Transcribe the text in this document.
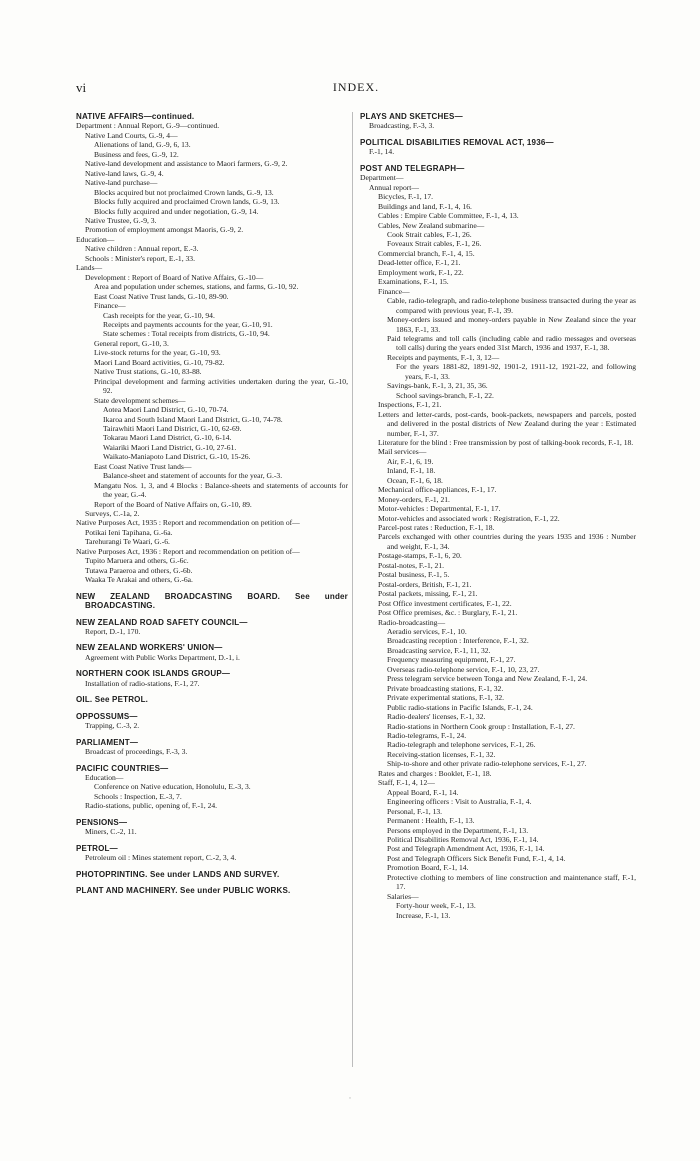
vi	INDEX.
NATIVE AFFAIRS—continued.
Department : Annual Report, G.-9—continued.
Native Land Courts, G.-9, 4—
Alienations of land, G.-9, 6, 13.
Business and fees, G.-9, 12.
Native-land development and assistance to Maori farmers, G.-9, 2.
Native-land laws, G.-9, 4.
Native-land purchase—
Blocks acquired but not proclaimed Crown lands, G.-9, 13.
Blocks fully acquired and proclaimed Crown lands, G.-9, 13.
Blocks fully acquired and under negotiation, G.-9, 14.
Native Trustee, G.-9, 3.
Promotion of employment amongst Maoris, G.-9, 2.
Education—
Native children : Annual report, E.-3.
Schools : Minister's report, E.-1, 33.
Lands—
Development : Report of Board of Native Affairs, G.-10—
Area and population under schemes, stations, and farms, G.-10, 92.
East Coast Native Trust lands, G.-10, 89-90.
Finance—
Cash receipts for the year, G.-10, 94.
Receipts and payments accounts for the year, G.-10, 91.
State schemes : Total receipts from districts, G.-10, 94.
General report, G.-10, 3.
Live-stock returns for the year, G.-10, 93.
Maori Land Board activities, G.-10, 79-82.
Native Trust stations, G.-10, 83-88.
Principal development and farming activities undertaken during the year, G.-10, 92.
State development schemes—
Aotea Maori Land District, G.-10, 70-74.
Ikaroa and South Island Maori Land District, G.-10, 74-78.
Tairawhiti Maori Land District, G.-10, 62-69.
Tokarau Maori Land District, G.-10, 6-14.
Waiariki Maori Land District, G.-10, 27-61.
Waikato-Maniapoto Land District, G.-10, 15-26.
East Coast Native Trust lands—
Balance-sheet and statement of accounts for the year, G.-3.
Mangatu Nos. 1, 3, and 4 Blocks : Balance-sheets and statements of accounts for the year, G.-4.
Report of the Board of Native Affairs on, G.-10, 89.
Surveys, C.-1a, 2.
Native Purposes Act, 1935 : Report and recommendation on petition of—
Potikai Ieni Tapihana, G.-6a.
Tarehurangi Te Waari, G.-6.
Native Purposes Act, 1936 : Report and recommendation on petition of—
Tupito Maruera and others, G.-6c.
Tutawa Paraeroa and others, G.-6b.
Waaka Te Arakai and others, G.-6a.
NEW ZEALAND BROADCASTING BOARD. See under BROADCASTING.
NEW ZEALAND ROAD SAFETY COUNCIL—
Report, D.-1, 170.
NEW ZEALAND WORKERS' UNION—
Agreement with Public Works Department, D.-1, i.
NORTHERN COOK ISLANDS GROUP—
Installation of radio-stations, F.-1, 27.
OIL. See PETROL.
OPPOSSUMS—
Trapping, C.-3, 2.
PARLIAMENT—
Broadcast of proceedings, F.-3, 3.
PACIFIC COUNTRIES—
Education—
Conference on Native education, Honolulu, E.-3, 3.
Schools : Inspection, E.-3, 7.
Radio-stations, public, opening of, F.-1, 24.
PENSIONS—
Miners, C.-2, 11.
PETROL—
Petroleum oil : Mines statement report, C.-2, 3, 4.
PHOTOPRINTING. See under LANDS AND SURVEY.
PLANT AND MACHINERY. See under PUBLIC WORKS.
PLAYS AND SKETCHES—
Broadcasting, F.-3, 3.
POLITICAL DISABILITIES REMOVAL ACT, 1936—
F.-1, 14.
POST AND TELEGRAPH—
Department—
Annual report—
Bicycles, F.-1, 17.
Buildings and land, F.-1, 4, 16.
Cables : Empire Cable Committee, F.-1, 4, 13.
Cables, New Zealand submarine—
Cook Strait cables, F.-1, 26.
Foveaux Strait cables, F.-1, 26.
Commercial branch, F.-1, 4, 15.
Dead-letter office, F.-1, 21.
Employment work, F.-1, 22.
Examinations, F.-1, 15.
Finance—
Cable, radio-telegraph, and radio-telephone business transacted during the year as compared with previous year, F.-1, 39.
Money-orders issued and money-orders payable in New Zealand since the year 1863, F.-1, 33.
Paid telegrams and toll calls (including cable and radio messages and overseas toll calls) during the years ended 31st March, 1936 and 1937, F.-1, 38.
Receipts and payments, F.-1, 3, 12—
For the years 1881-82, 1891-92, 1901-2, 1911-12, 1921-22, and following years, F.-1, 33.
Savings-bank, F.-1, 3, 21, 35, 36.
School savings-branch, F.-1, 22.
Inspections, F.-1, 21.
Letters and letter-cards, post-cards, book-packets, newspapers and parcels, posted and delivered in the postal districts of New Zealand during the year : Estimated number, F.-1, 37.
Literature for the blind : Free transmission by post of talking-book records, F.-1, 18.
Mail services—
Air, F.-1, 6, 19.
Inland, F.-1, 18.
Ocean, F.-1, 6, 18.
Mechanical office-appliances, F.-1, 17.
Money-orders, F.-1, 21.
Motor-vehicles : Departmental, F.-1, 17.
Motor-vehicles and associated work : Registration, F.-1, 22.
Parcel-post rates : Reduction, F.-1, 18.
Parcels exchanged with other countries during the years 1935 and 1936 : Number and weight, F.-1, 34.
Postage-stamps, F.-1, 6, 20.
Postal-notes, F.-1, 21.
Postal business, F.-1, 5.
Postal-orders, British, F.-1, 21.
Postal packets, missing, F.-1, 21.
Post Office investment certificates, F.-1, 22.
Post Office premises, &c. : Burglary, F.-1, 21.
Radio-broadcasting—
Aeradio services, F.-1, 10.
Broadcasting reception : Interference, F.-1, 32.
Broadcasting service, F.-1, 11, 32.
Frequency measuring equipment, F.-1, 27.
Overseas radio-telephone service, F.-1, 10, 23, 27.
Press telegram service between Tonga and New Zealand, F.-1, 24.
Private broadcasting stations, F.-1, 32.
Private experimental stations, F.-1, 32.
Public radio-stations in Pacific Islands, F.-1, 24.
Radio-dealers' licenses, F.-1, 32.
Radio-stations in Northern Cook group : Installation, F.-1, 27.
Radio-telegrams, F.-1, 24.
Radio-telegraph and telephone services, F.-1, 26.
Receiving-station licenses, F.-1, 32.
Ship-to-shore and other private radio-telephone services, F.-1, 27.
Rates and charges : Booklet, F.-1, 18.
Staff, F.-1, 4, 12—
Appeal Board, F.-1, 14.
Engineering officers : Visit to Australia, F.-1, 4.
Personal, F.-1, 13.
Permanent : Health, F.-1, 13.
Persons employed in the Department, F.-1, 13.
Political Disabilities Removal Act, 1936, F.-1, 14.
Post and Telegraph Amendment Act, 1936, F.-1, 14.
Post and Telegraph Officers Sick Benefit Fund, F.-1, 4, 14.
Promotion Board, F.-1, 14.
Protective clothing to members of line construction and maintenance staff, F.-1, 17.
Salaries—
Forty-hour week, F.-1, 13.
Increase, F.-1, 13.
·
